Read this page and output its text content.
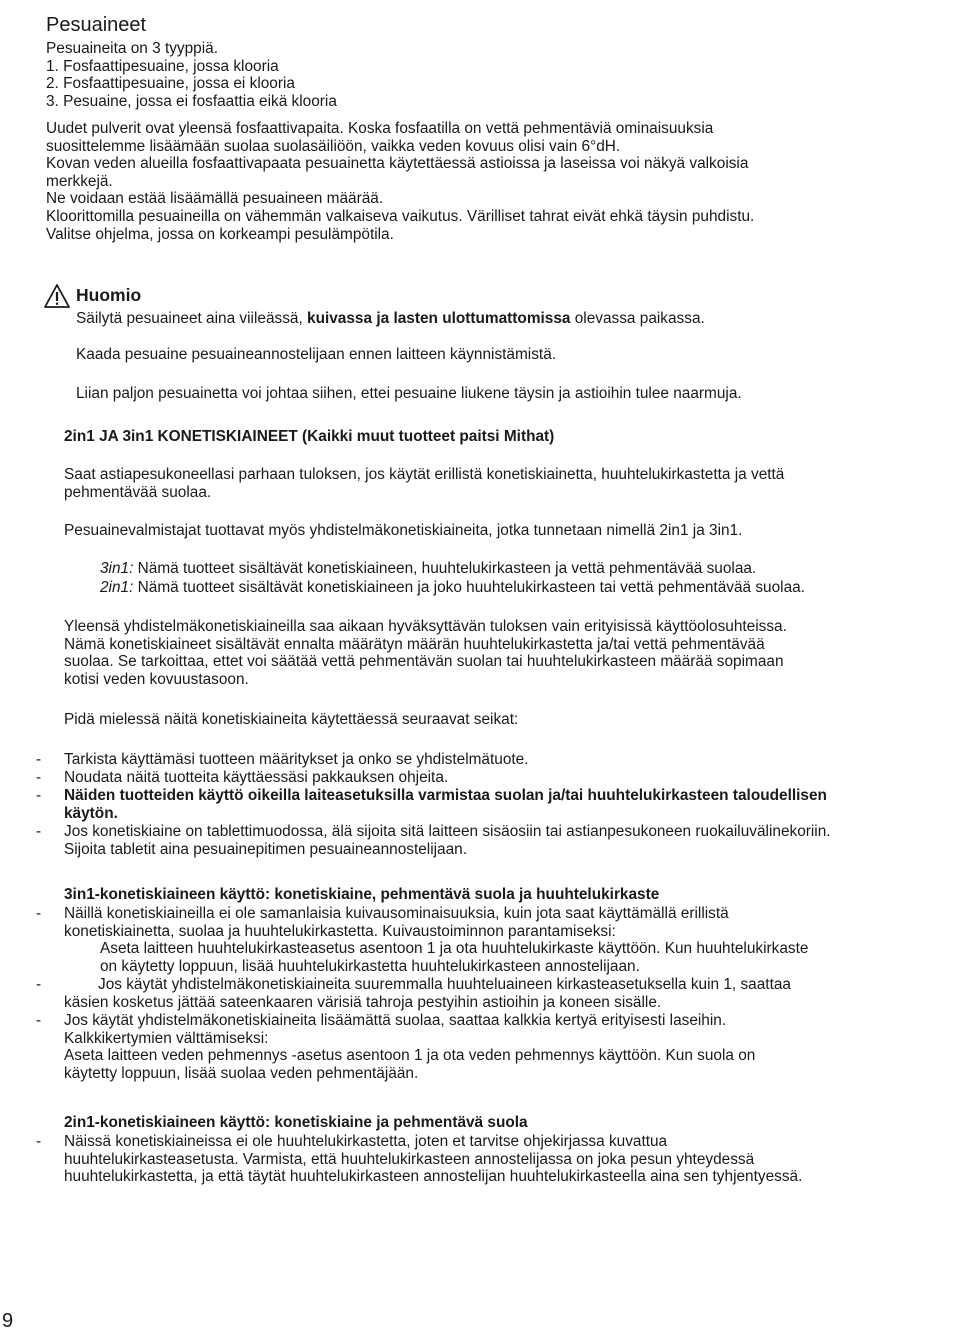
Pesuaineet

Pesuaineita on 3 tyyppiä.

1. Fosfaattipesuaine, jossa klooria

2. Fosfaattipesuaine, jossa ei klooria

3. Pesuaine, jossa ei fosfaattia eikä klooria

Uudet pulverit ovat yleensä fosfaattivapaita. Koska fosfaatilla on vettä pehmentäviä ominaisuuksia

suosittelemme lisäämään suolaa suolasäiliöön, vaikka veden kovuus olisi vain 6°dH.

Kovan veden alueilla fosfaattivapaata pesuainetta käytettäessä astioissa ja laseissa voi näkyä valkoisia

merkkejä.

Ne voidaan estää lisäämällä pesuaineen määrää.

Kloorittomilla pesuaineilla on vähemmän valkaiseva vaikutus. Värilliset tahrat eivät ehkä täysin puhdistu.

Valitse ohjelma, jossa on korkeampi pesulämpötila.

Huomio
Säilytä pesuaineet aina viileässä, kuivassa ja lasten ulottumattomissa olevassa paikassa.
Kaada pesuaine pesuaineannostelijaan ennen laitteen käynnistämistä.
Liian paljon pesuainetta voi johtaa siihen, ettei pesuaine liukene täysin ja astioihin tulee naarmuja.
2in1 JA 3in1 KONETISKIAINEET (Kaikki muut tuotteet paitsi Mithat)

Saat astiapesukoneellasi parhaan tuloksen, jos käytät erillistä konetiskiainetta, huuhtelukirkastetta ja vettä

pehmentävää suolaa.

Pesuainevalmistajat tuottavat myös yhdistelmäkonetiskiaineita, jotka tunnetaan nimellä 2in1 ja 3in1.
3in1: Nämä tuotteet sisältävät konetiskiaineen, huuhtelukirkasteen ja vettä pehmentävää suolaa.
2in1: Nämä tuotteet sisältävät konetiskiaineen ja joko huuhtelukirkasteen tai vettä pehmentävää suolaa.

Yleensä yhdistelmäkonetiskiaineilla saa aikaan hyväksyttävän tuloksen vain erityisissä käyttöolosuhteissa.

Nämä konetiskiaineet sisältävät ennalta määrätyn määrän huuhtelukirkastetta ja/tai vettä pehmentävää

suolaa. Se tarkoittaa, ettet voi säätää vettä pehmentävän suolan tai huuhtelukirkasteen määrää sopimaan

kotisi veden kovuustasoon.

Pidä mielessä näitä konetiskiaineita käytettäessä seuraavat seikat:
- Tarkista käyttämäsi tuotteen määritykset ja onko se yhdistelmätuote.
- Noudata näitä tuotteita käyttäessäsi pakkauksen ohjeita.
- Näiden tuotteiden käyttö oikeilla laiteasetuksilla varmistaa suolan ja/tai huuhtelukirkasteen taloudellisen

käytön.

- Jos konetiskiaine on tablettimuodossa, älä sijoita sitä laitteen sisäosiin tai astianpesukoneen ruokailuvälinekoriin.

Sijoita tabletit aina pesuainepitimen pesuaineannostelijaan.

3in1-konetiskiaineen käyttö: konetiskiaine, pehmentävä suola ja huuhtelukirkaste
- Näillä konetiskiaineilla ei ole samanlaisia kuivausominaisuuksia, kuin jota saat käyttämällä erillistä

konetiskiainetta, suolaa ja huuhtelukirkastetta. Kuivaustoiminnon parantamiseksi:

Aseta laitteen huuhtelukirkasteasetus asentoon 1 ja ota huuhtelukirkaste käyttöön. Kun huuhtelukirkaste

on käytetty loppuun, lisää huuhtelukirkastetta huuhtelukirkasteen annostelijaan.

-	Jos käytät yhdistelmäkonetiskiaineita suuremmalla huuhteluaineen kirkasteasetuksella kuin 1, saattaa

käsien kosketus jättää sateenkaaren värisiä tahroja pestyihin astioihin ja koneen sisälle.

- Jos käytät yhdistelmäkonetiskiaineita lisäämättä suolaa, saattaa kalkkia kertyä erityisesti laseihin.

Kalkkikertymien välttämiseksi:

Aseta laitteen veden pehmennys -asetus asentoon 1 ja ota veden pehmennys käyttöön. Kun suola on

käytetty loppuun, lisää suolaa veden pehmentäjään.

2in1-konetiskiaineen käyttö: konetiskiaine ja pehmentävä suola
- Näissä konetiskiaineissa ei ole huuhtelukirkastetta, joten et tarvitse ohjekirjassa kuvattua

huuhtelukirkasteasetusta. Varmista, että huuhtelukirkasteen annostelijassa on joka pesun yhteydessä

huuhtelukirkastetta, ja että täytät huuhtelukirkasteen annostelijan huuhtelukirkasteella aina sen tyhjentyessä.

9
